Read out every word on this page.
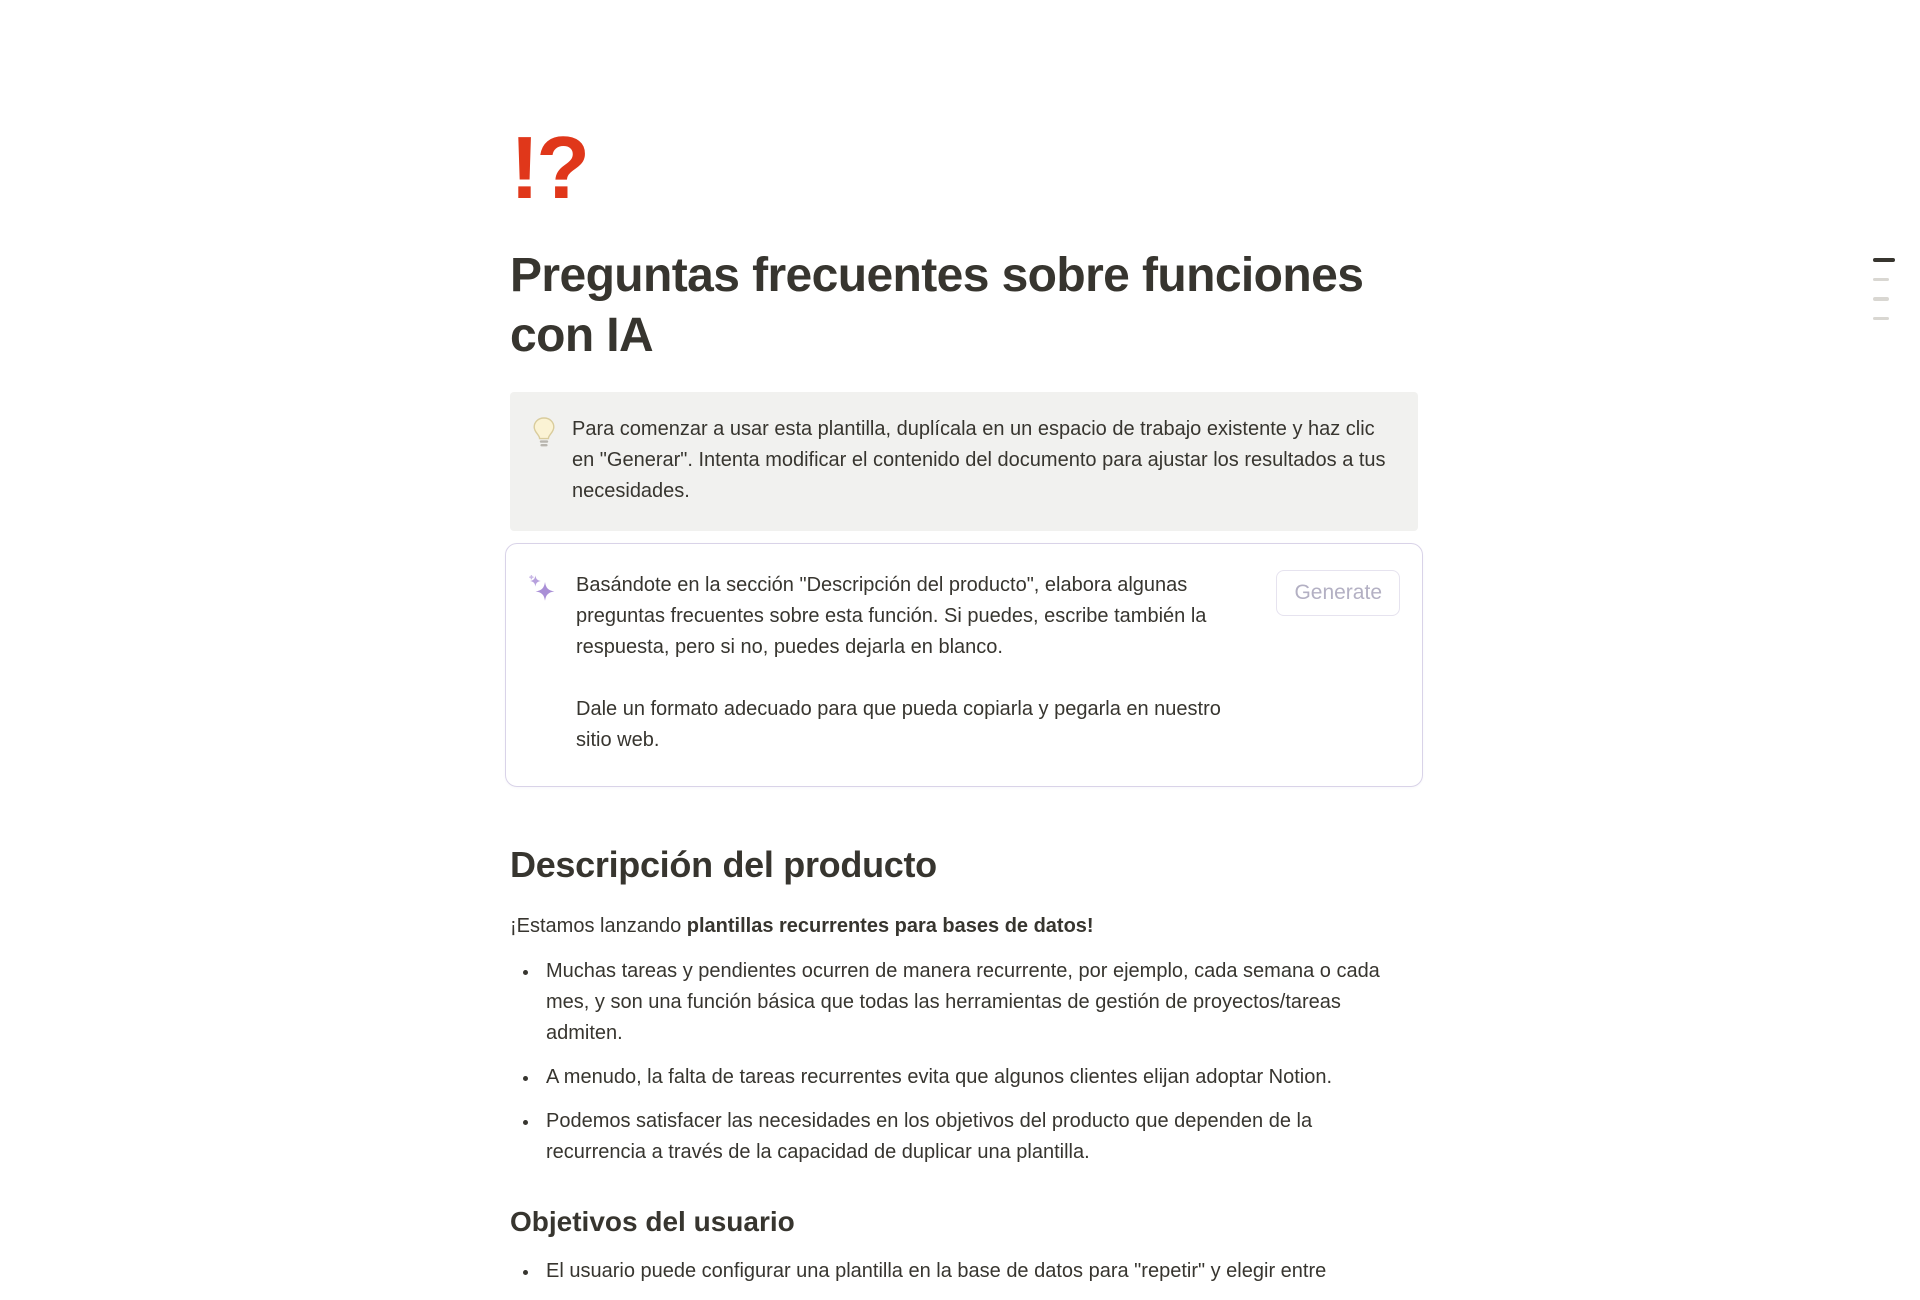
!?
Preguntas frecuentes sobre funciones con IA
Para comenzar a usar esta plantilla, duplícala en un espacio de trabajo existente y haz clic en "Generar". Intenta modificar el contenido del documento para ajustar los resultados a tus necesidades.

Basándote en la sección "Descripción del producto", elabora algunas preguntas frecuentes sobre esta función. Si puedes, escribe también la respuesta, pero si no, puedes dejarla en blanco.

Dale un formato adecuado para que pueda copiarla y pegarla en nuestro sitio web.

Generate
Descripción del producto

¡Estamos lanzando plantillas recurrentes para bases de datos!

• Muchas tareas y pendientes ocurren de manera recurrente, por ejemplo, cada semana o cada mes, y son una función básica que todas las herramientas de gestión de proyectos/tareas admiten.
• A menudo, la falta de tareas recurrentes evita que algunos clientes elijan adoptar Notion.
• Podemos satisfacer las necesidades en los objetivos del producto que dependen de la recurrencia a través de la capacidad de duplicar una plantilla.
Objetivos del usuario
• El usuario puede configurar una plantilla en la base de datos para "repetir" y elegir entre
